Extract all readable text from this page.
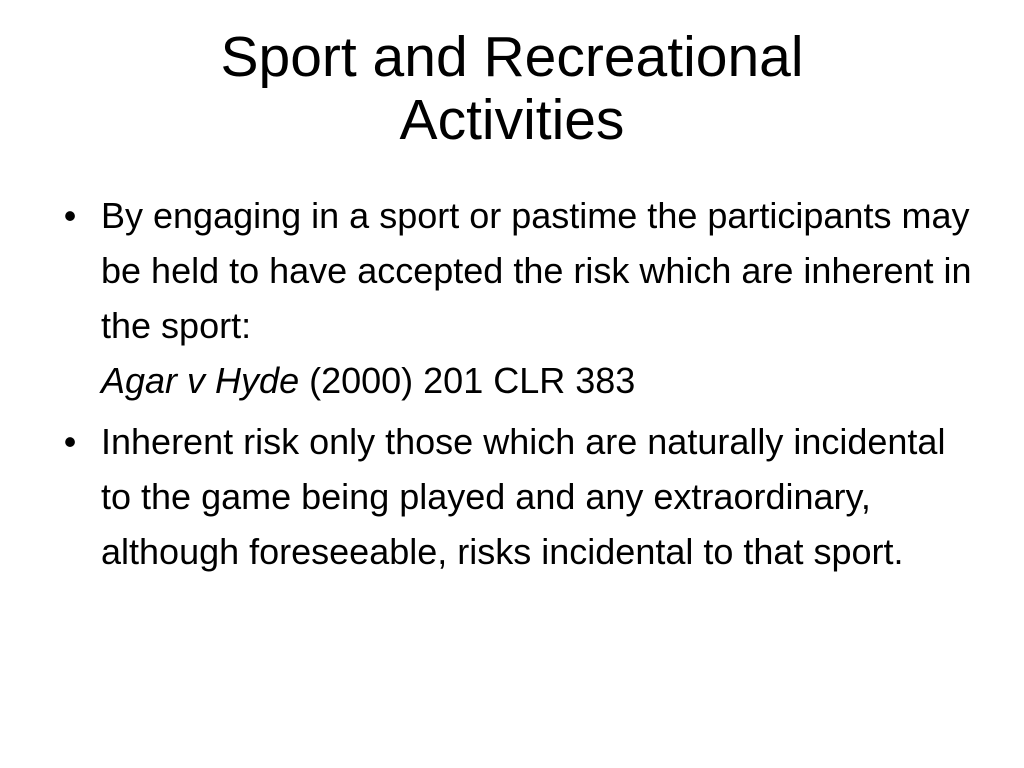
Sport and Recreational
Activities
• By engaging in a sport or pastime the participants may be held to have accepted the risk which are inherent in the sport:
Agar v Hyde (2000) 201 CLR 383
• Inherent risk only those which are naturally incidental to the game being played and any extraordinary, although foreseeable, risks incidental to that sport.
